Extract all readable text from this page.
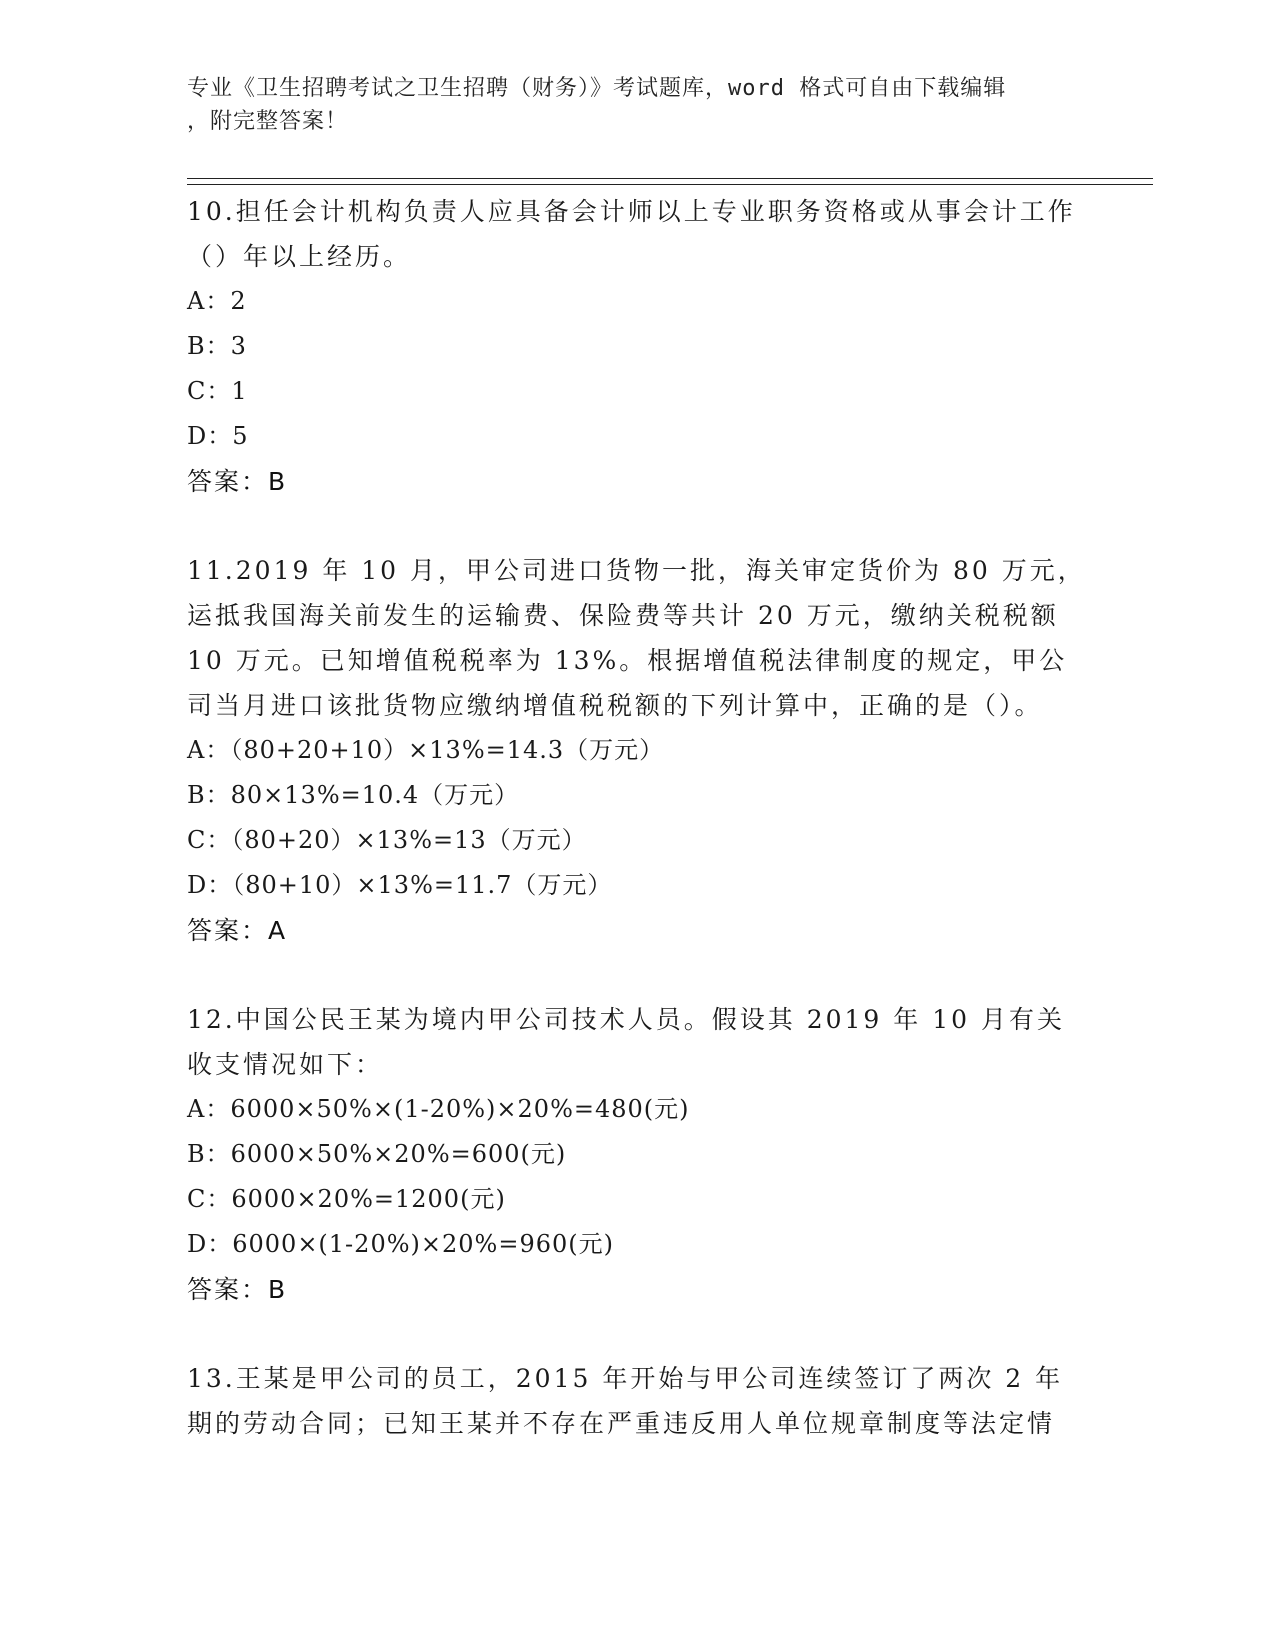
专业《卫生招聘考试之卫生招聘（财务）》考试题库，word 格式可自由下载编辑
，附完整答案！

10.担任会计机构负责人应具备会计师以上专业职务资格或从事会计工作（）年以上经历。

A：2

B：3

C：1

D：5

答案：B

11.2019 年 10 月，甲公司进口货物一批，海关审定货价为 80 万元，运抵我国海关前发生的运输费、保险费等共计 20 万元，缴纳关税税额 10 万元。已知增值税税率为 13%。根据增值税法律制度的规定，甲公司当月进口该批货物应缴纳增值税税额的下列计算中，正确的是（）。

A：（80+20+10）×13%=14.3（万元）

B：80×13%=10.4（万元）

C：（80+20）×13%=13（万元）

D：（80+10）×13%=11.7（万元）

答案：A

12.中国公民王某为境内甲公司技术人员。假设其 2019 年 10 月有关收支情况如下：

A：6000×50%×(1-20%)×20%=480(元)

B：6000×50%×20%=600(元)

C：6000×20%=1200(元)

D：6000×(1-20%)×20%=960(元)

答案：B

13.王某是甲公司的员工，2015 年开始与甲公司连续签订了两次 2 年期的劳动合同；已知王某并不存在严重违反用人单位规章制度等法定情
